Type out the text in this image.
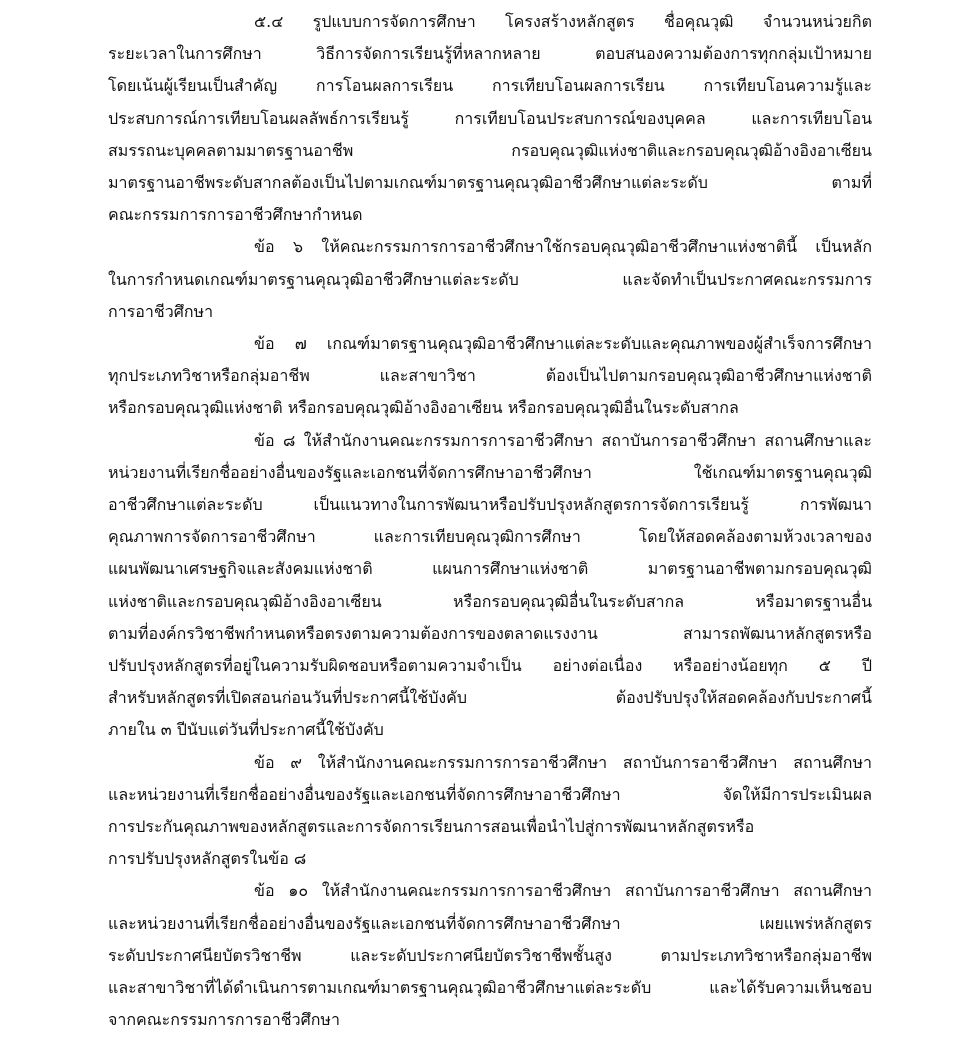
๕.๔ รูปแบบการจัดการศึกษา โครงสร้างหลักสูตร ชื่อคุณวุฒิ จำนวนหน่วยกิต
ระยะเวลาในการศึกษา วิธีการจัดการเรียนรู้ที่หลากหลาย ตอบสนองความต้องการทุกกลุ่มเป้าหมาย
โดยเน้นผู้เรียนเป็นสำคัญ การโอนผลการเรียน การเทียบโอนผลการเรียน การเทียบโอนความรู้และ
ประสบการณ์การเทียบโอนผลลัพธ์การเรียนรู้ การเทียบโอนประสบการณ์ของบุคคล และการเทียบโอน
สมรรถนะบุคคลตามมาตรฐานอาชีพ กรอบคุณวุฒิแห่งชาติและกรอบคุณวุฒิอ้างอิงอาเซียน
มาตรฐานอาชีพระดับสากลต้องเป็นไปตามเกณฑ์มาตรฐานคุณวุฒิอาชีวศึกษาแต่ละระดับ ตามที่
คณะกรรมการการอาชีวศึกษากำหนด

ข้อ ๖ ให้คณะกรรมการการอาชีวศึกษาใช้กรอบคุณวุฒิอาชีวศึกษาแห่งชาตินี้ เป็นหลัก
ในการกำหนดเกณฑ์มาตรฐานคุณวุฒิอาชีวศึกษาแต่ละระดับ และจัดทำเป็นประกาศคณะกรรมการ
การอาชีวศึกษา

ข้อ ๗ เกณฑ์มาตรฐานคุณวุฒิอาชีวศึกษาแต่ละระดับและคุณภาพของผู้สำเร็จการศึกษา
ทุกประเภทวิชาหรือกลุ่มอาชีพ และสาขาวิชา ต้องเป็นไปตามกรอบคุณวุฒิอาชีวศึกษาแห่งชาติ
หรือกรอบคุณวุฒิแห่งชาติ หรือกรอบคุณวุฒิอ้างอิงอาเซียน หรือกรอบคุณวุฒิอื่นในระดับสากล

ข้อ ๘ ให้สำนักงานคณะกรรมการการอาชีวศึกษา สถาบันการอาชีวศึกษา สถานศึกษาและ
หน่วยงานที่เรียกชื่ออย่างอื่นของรัฐและเอกชนที่จัดการศึกษาอาชีวศึกษา ใช้เกณฑ์มาตรฐานคุณวุฒิ
อาชีวศึกษาแต่ละระดับ เป็นแนวทางในการพัฒนาหรือปรับปรุงหลักสูตรการจัดการเรียนรู้ การพัฒนา
คุณภาพการจัดการอาชีวศึกษา และการเทียบคุณวุฒิการศึกษา โดยให้สอดคล้องตามห้วงเวลาของ
แผนพัฒนาเศรษฐกิจและสังคมแห่งชาติ แผนการศึกษาแห่งชาติ มาตรฐานอาชีพตามกรอบคุณวุฒิ
แห่งชาติและกรอบคุณวุฒิอ้างอิงอาเซียน หรือกรอบคุณวุฒิอื่นในระดับสากล หรือมาตรฐานอื่น
ตามที่องค์กรวิชาชีพกำหนดหรือตรงตามความต้องการของตลาดแรงงาน สามารถพัฒนาหลักสูตรหรือ
ปรับปรุงหลักสูตรที่อยู่ในความรับผิดชอบหรือตามความจำเป็น อย่างต่อเนื่อง หรืออย่างน้อยทุก ๕ ปี
สำหรับหลักสูตรที่เปิดสอนก่อนวันที่ประกาศนี้ใช้บังคับ ต้องปรับปรุงให้สอดคล้องกับประกาศนี้
ภายใน ๓ ปีนับแต่วันที่ประกาศนี้ใช้บังคับ

ข้อ ๙ ให้สำนักงานคณะกรรมการการอาชีวศึกษา สถาบันการอาชีวศึกษา สถานศึกษา
และหน่วยงานที่เรียกชื่ออย่างอื่นของรัฐและเอกชนที่จัดการศึกษาอาชีวศึกษา จัดให้มีการประเมินผล
การประกันคุณภาพของหลักสูตรและการจัดการเรียนการสอนเพื่อนำไปสู่การพัฒนาหลักสูตรหรือ
การปรับปรุงหลักสูตรในข้อ ๘

ข้อ ๑๐ ให้สำนักงานคณะกรรมการการอาชีวศึกษา สถาบันการอาชีวศึกษา สถานศึกษา
และหน่วยงานที่เรียกชื่ออย่างอื่นของรัฐและเอกชนที่จัดการศึกษาอาชีวศึกษา เผยแพร่หลักสูตร
ระดับประกาศนียบัตรวิชาชีพ และระดับประกาศนียบัตรวิชาชีพชั้นสูง ตามประเภทวิชาหรือกลุ่มอาชีพ
และสาขาวิชาที่ได้ดำเนินการตามเกณฑ์มาตรฐานคุณวุฒิอาชีวศึกษาแต่ละระดับ และได้รับความเห็นชอบ
จากคณะกรรมการการอาชีวศึกษา
